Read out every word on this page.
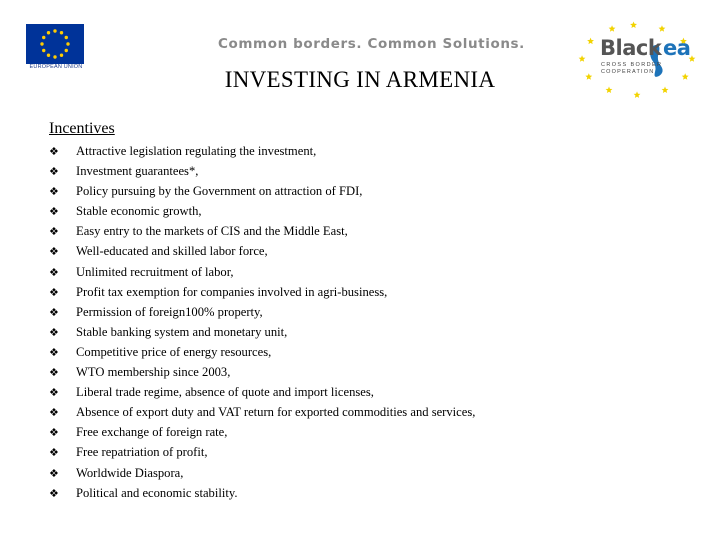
EUROPEAN UNION
Common borders. Common Solutions.	Black ea
CROSS BORDER
COOPERATION
INVESTING IN ARMENIA
Incentives
❖ Attractive legislation regulating the investment,
❖ Investment guarantees*,
❖ Policy pursuing by the Government on attraction of FDI,
❖ Stable economic growth,
❖ Easy entry to the markets of CIS and the Middle East,
❖ Well-educated and skilled labor force,
❖ Unlimited recruitment of labor,
❖ Profit tax exemption for companies involved in agri-business,
❖ Permission of foreign100% property,
❖ Stable banking system and monetary unit,
❖ Competitive price of energy resources,
❖ WTO membership since 2003,
❖ Liberal trade regime, absence of quote and import licenses,
❖ Absence of export duty and VAT return for exported commodities and services,
❖ Free exchange of foreign rate,
❖ Free repatriation of profit,
❖ Worldwide Diaspora,
❖ Political and economic stability.
